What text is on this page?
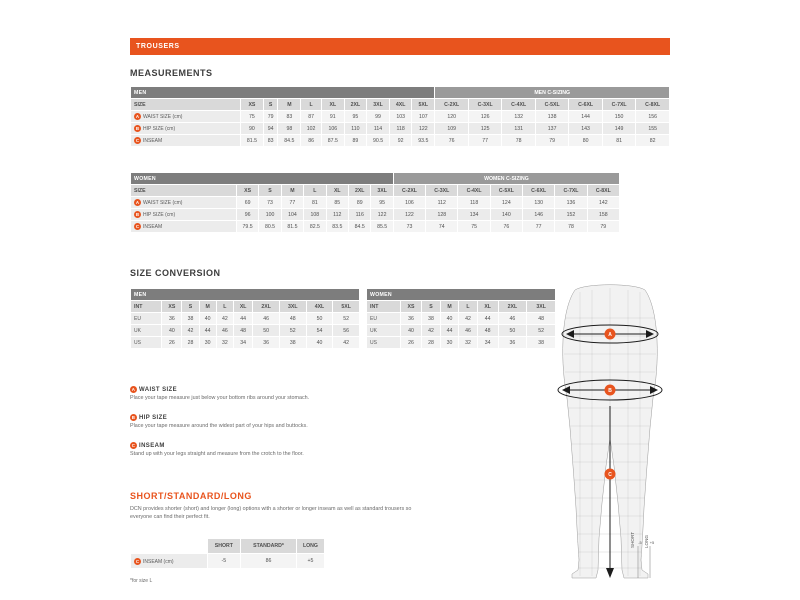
TROUSERS
MEASUREMENTS
SIZE CONVERSION
SHORT/STANDARD/LONG
MEN										MEN C-SIZING						
SIZE	XS	S	M	L	XL	2XL	3XL	4XL	5XL	C-2XL	C-3XL	C-4XL	C-5XL	C-6XL	C-7XL	C-8XL
A WAIST SIZE (cm)	75	79	83	87	91	95	99	103	107	120	126	132	138	144	150	156
B HIP SIZE (cm)	90	94	98	102	106	110	114	118	122	109	125	131	137	143	149	155
C INSEAM	81.5	83	84.5	86	87.5	89	90.5	92	93.5	76	77	78	79	80	81	82
WOMEN								WOMEN C-SIZING						
SIZE	XS	S	M	L	XL	2XL	3XL	C-2XL	C-3XL	C-4XL	C-5XL	C-6XL	C-7XL	C-8XL
A WAIST SIZE (cm)	69	73	77	81	85	89	95	106	112	118	124	130	136	142
B HIP SIZE (cm)	96	100	104	108	112	116	122	122	128	134	140	146	152	158
C INSEAM	79.5	80.5	81.5	82.5	83.5	84.5	85.5	73	74	75	76	77	78	79
MEN									
INT	XS	S	M	L	XL	2XL	3XL	4XL	5XL
EU	36	38	40	42	44	46	48	50	52
UK	40	42	44	46	48	50	52	54	56
US	26	28	30	32	34	36	38	40	42
WOMEN							
INT	XS	S	M	L	XL	2XL	3XL
EU	36	38	40	42	44	46	48
UK	40	42	44	46	48	50	52
US	26	28	30	32	34	36	38

A WAIST SIZE

Place your tape measure just below your bottom ribs around your stomach.

B HIP SIZE

Place your tape measure around the widest part of your hips and buttocks.

C INSEAM

Stand up with your legs straight and measure from the crotch to the floor.

DCN provides shorter (short) and longer (long) options with a shorter or longer inseam as well as standard trousers so everyone can find their perfect fit.
	SHORT	STANDARD*	LONG
C INSEAM (cm)	-5	86	+5
*for size L
A
B
C
-5 +5
SHORT LONG
